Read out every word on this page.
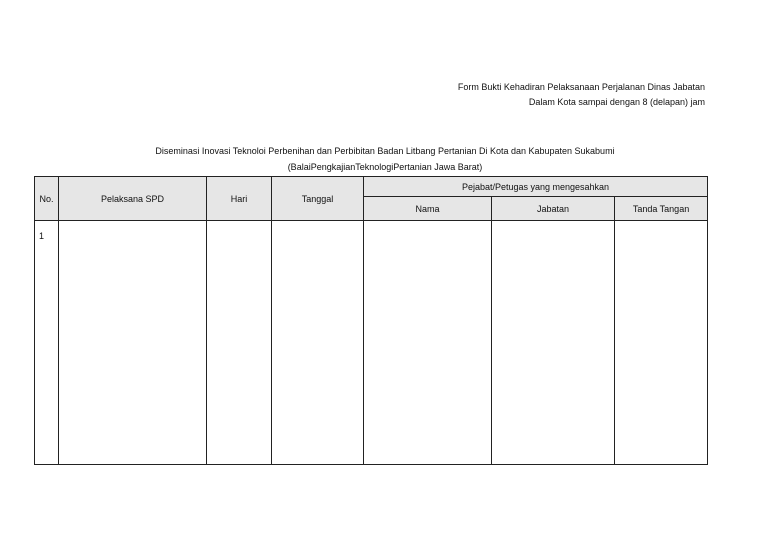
Form Bukti Kehadiran Pelaksanaan Perjalanan Dinas Jabatan
Dalam Kota sampai dengan 8 (delapan) jam
Diseminasi Inovasi Teknoloi Perbenihan dan Perbibitan Badan Litbang Pertanian Di Kota dan Kabupaten Sukabumi
(BalaiPengkajianTeknologiPertanian Jawa Barat)
No.	Pelaksana SPD	Hari	Tanggal	Pejabat/Petugas yang mengesahkan		
				Nama	Jabatan	Tanda Tangan
1						
